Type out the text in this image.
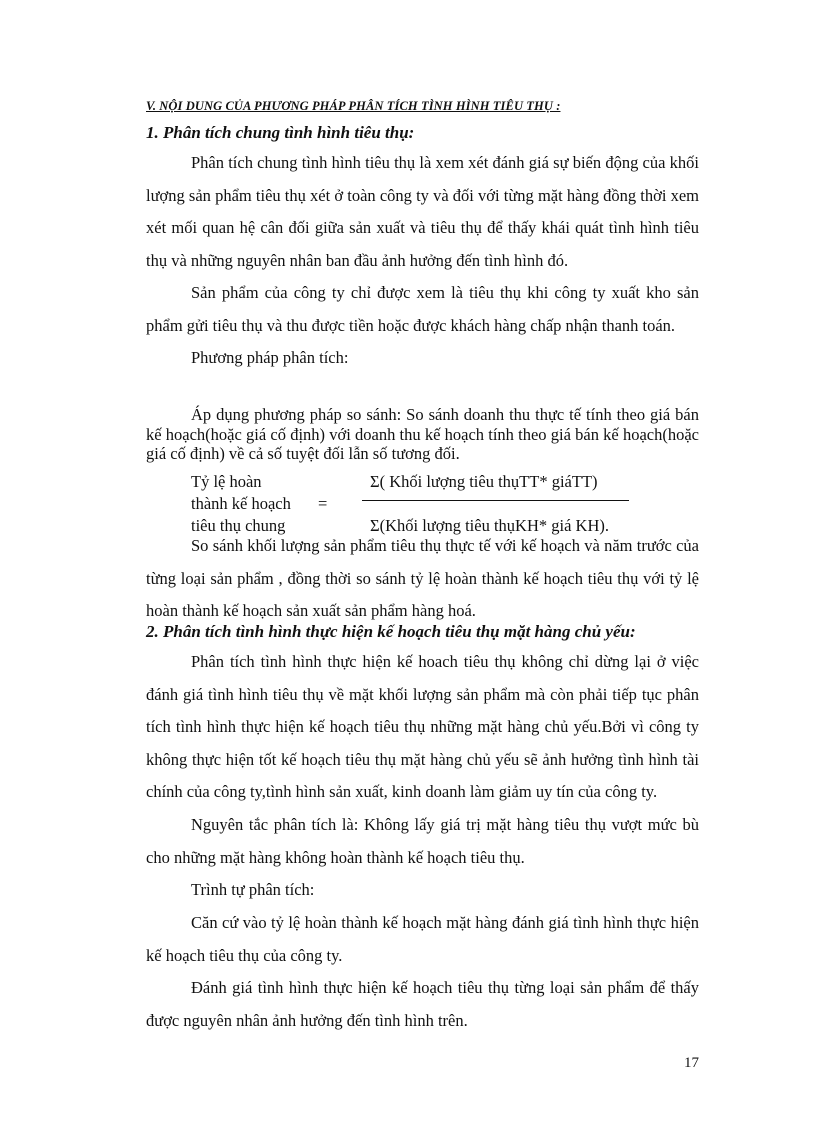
V. NỘI DUNG CỦA PHƯƠNG PHÁP PHÂN TÍCH TÌNH HÌNH TIÊU THỤ :
1. Phân tích chung tình hình tiêu thụ:

Phân tích chung tình hình tiêu thụ là xem xét đánh giá sự biến động của khối lượng sản phẩm tiêu thụ xét ở toàn công ty và đối với từng mặt hàng đồng thời xem xét mối quan hệ cân đối giữa sản xuất và tiêu thụ để thấy khái quát tình hình tiêu thụ và những nguyên nhân ban đầu ảnh hưởng đến tình hình đó.

Sản phẩm của công ty chỉ được xem là tiêu thụ khi công ty xuất kho sản phẩm gửi tiêu thụ và thu được tiền hoặc được khách hàng chấp nhận thanh toán.

Phương pháp phân tích:

Áp dụng phương pháp so sánh: So sánh doanh thu thực tế tính theo giá bán kế hoạch(hoặc giá cố định) với doanh thu kế hoạch tính theo giá bán kế hoạch(hoặc giá cố định) về cả số tuyệt đối lẫn số tương đối.

Tỷ lệ hoàn
thành kế hoạch
tiêu thụ chung
=
Σ( Khối lượng tiêu thụTT* giáTT)
Σ(Khối lượng tiêu thụKH* giá KH).

So sánh khối lượng sản phẩm tiêu thụ thực tế với kế hoạch và năm trước của từng loại sản phẩm , đồng thời so sánh tỷ lệ hoàn thành kế hoạch tiêu thụ với tỷ lệ hoàn thành kế hoạch sản xuất sản phẩm hàng hoá.

2. Phân tích tình hình thực hiện kế hoạch tiêu thụ mặt hàng chủ yếu:

Phân tích tình hình thực hiện kế hoach tiêu thụ không chỉ dừng lại ở việc đánh giá tình hình tiêu thụ về mặt khối lượng sản phẩm mà còn phải tiếp tục phân tích tình hình thực hiện kế hoạch tiêu thụ những mặt hàng chủ yếu.Bởi vì công ty không thực hiện tốt kế hoạch tiêu thụ mặt hàng chủ yếu sẽ ảnh hưởng tình hình tài chính của công ty,tình hình sản xuất, kinh doanh làm giảm uy tín của công ty.

Nguyên tắc phân tích là: Không lấy giá trị mặt hàng tiêu thụ vượt mức bù cho những mặt hàng không hoàn thành kế hoạch tiêu thụ.

Trình tự phân tích:

Căn cứ vào tỷ lệ hoàn thành kế hoạch mặt hàng đánh giá tình hình thực hiện kế hoạch tiêu thụ của công ty.

Đánh giá tình hình thực hiện kế hoạch tiêu thụ từng loại sản phẩm để thấy được nguyên nhân ảnh hưởng đến tình hình trên.

17
